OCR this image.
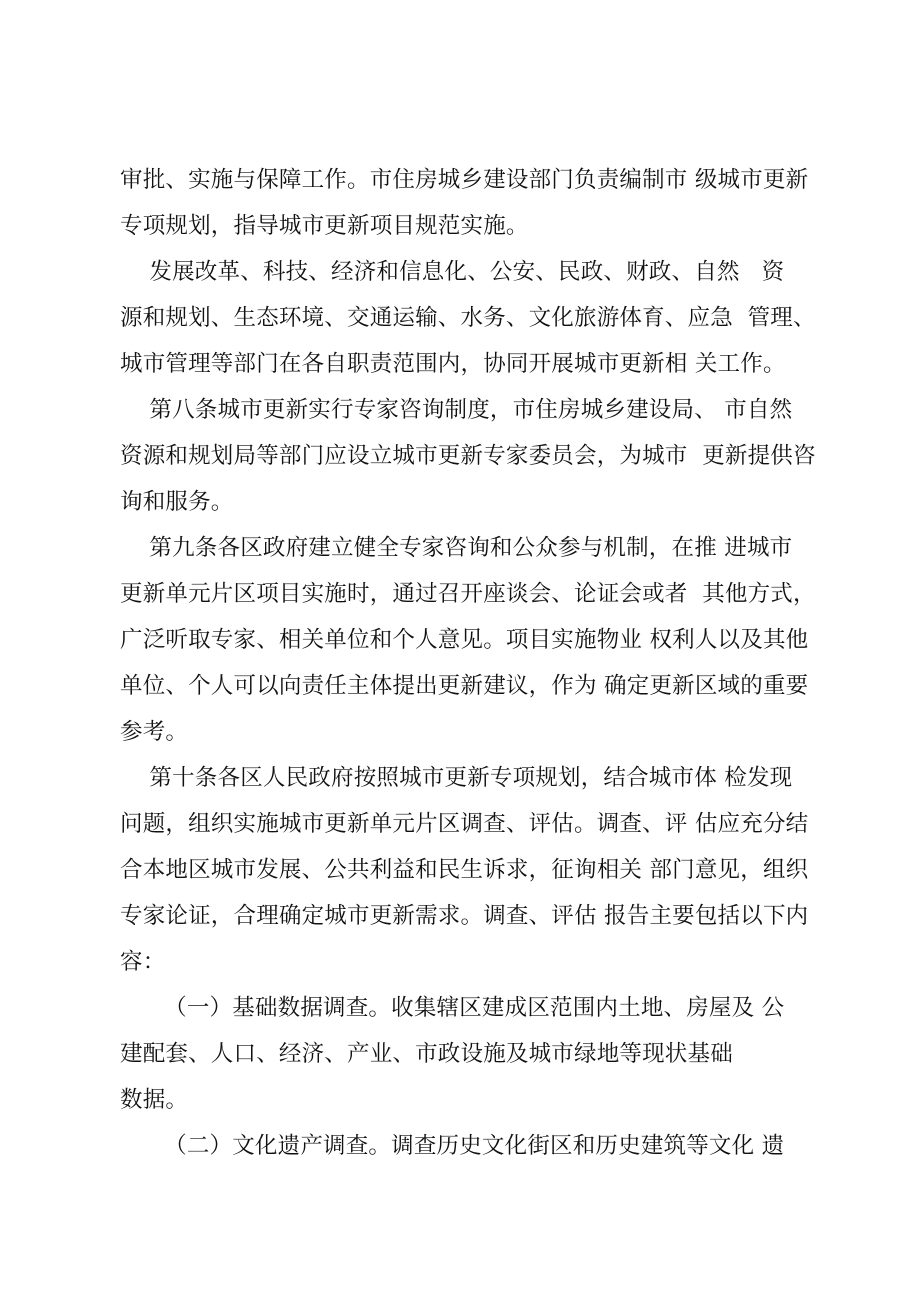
审批、实施与保障工作。市住房城乡建设部门负责编制市 级城市更新
专项规划，指导城市更新项目规范实施。
发展改革、科技、经济和信息化、公安、民政、财政、自然   资
源和规划、生态环境、交通运输、水务、文化旅游体育、应急  管理、
城市管理等部门在各自职责范围内，协同开展城市更新相 关工作。
第八条城市更新实行专家咨询制度，市住房城乡建设局、 市自然
资源和规划局等部门应设立城市更新专家委员会，为城市  更新提供咨
询和服务。
第九条各区政府建立健全专家咨询和公众参与机制，在推 进城市
更新单元片区项目实施时，通过召开座谈会、论证会或者  其他方式，
广泛听取专家、相关单位和个人意见。项目实施物业 权利人以及其他
单位、个人可以向责任主体提出更新建议，作为 确定更新区域的重要
参考。
第十条各区人民政府按照城市更新专项规划，结合城市体 检发现
问题，组织实施城市更新单元片区调查、评估。调查、评 估应充分结
合本地区城市发展、公共利益和民生诉求，征询相关 部门意见，组织
专家论证，合理确定城市更新需求。调查、评估 报告主要包括以下内
容：
（一）基础数据调查。收集辖区建成区范围内土地、房屋及 公
建配套、人口、经济、产业、市政设施及城市绿地等现状基础
数据。
（二）文化遗产调查。调查历史文化街区和历史建筑等文化 遗
